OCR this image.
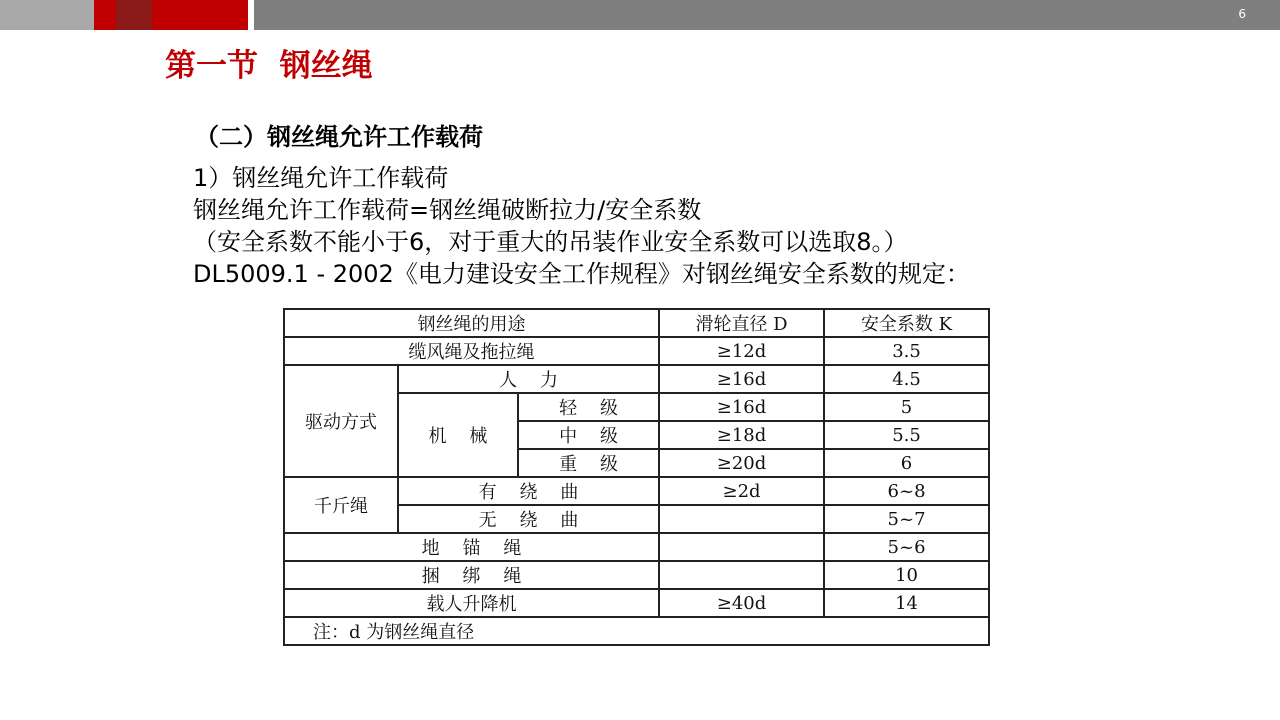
6
第一节  钢丝绳
（二）钢丝绳允许工作载荷
1）钢丝绳允许工作载荷
钢丝绳允许工作载荷=钢丝绳破断拉力/安全系数
（安全系数不能小于6，对于重大的吊装作业安全系数可以选取8。）
DL5009.1 - 2002《电力建设安全工作规程》对钢丝绳安全系数的规定：
钢丝绳的用途			滑轮直径 D	安全系数 K
缆风绳及拖拉绳			≥12d	3.5
驱动方式	人    力		≥16d	4.5
	机    械	轻    级	≥16d	5
		中    级	≥18d	5.5
		重    级	≥20d	6
千斤绳	有    绕    曲		≥2d	6~8
	无    绕    曲			5~7
地    锚    绳				5~6
捆    绑    绳				10
载人升降机			≥40d	14
注：d 为钢丝绳直径				
